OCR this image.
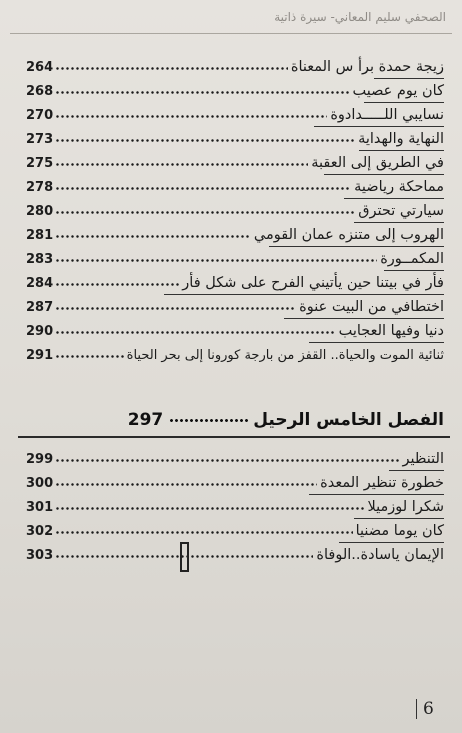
الصحفي سليم المعاني- سيرة ذاتية
زيجة حمدة برأ س المعناة
264
كان يوم عصيب
268
نسايبي اللـــــدادوة
270
النهاية والهداية
273
في الطريق إلى العقبة
275
مماحكة رياضية
278
سيارتي تحترق
280
الهروب إلى متنزه عمان القومي
281
المكمــورة
283
فأر في بيتنا حين يأتيني الفرح على شكل فأر
284
اختطافي من البيت عنوة
287
دنيا وفيها العجايب
290
ثنائية الموت والحياة.. القفز من بارجة كورونا إلى بحر الحياة
291
الفصل الخامس الرحيل
297
التنظير
299
خطورة تنظير المعدة
300
شكرا لوزميلا
301
كان يوما مضنيا
302
الإيمان ياسادة..الوفاة
303
6
